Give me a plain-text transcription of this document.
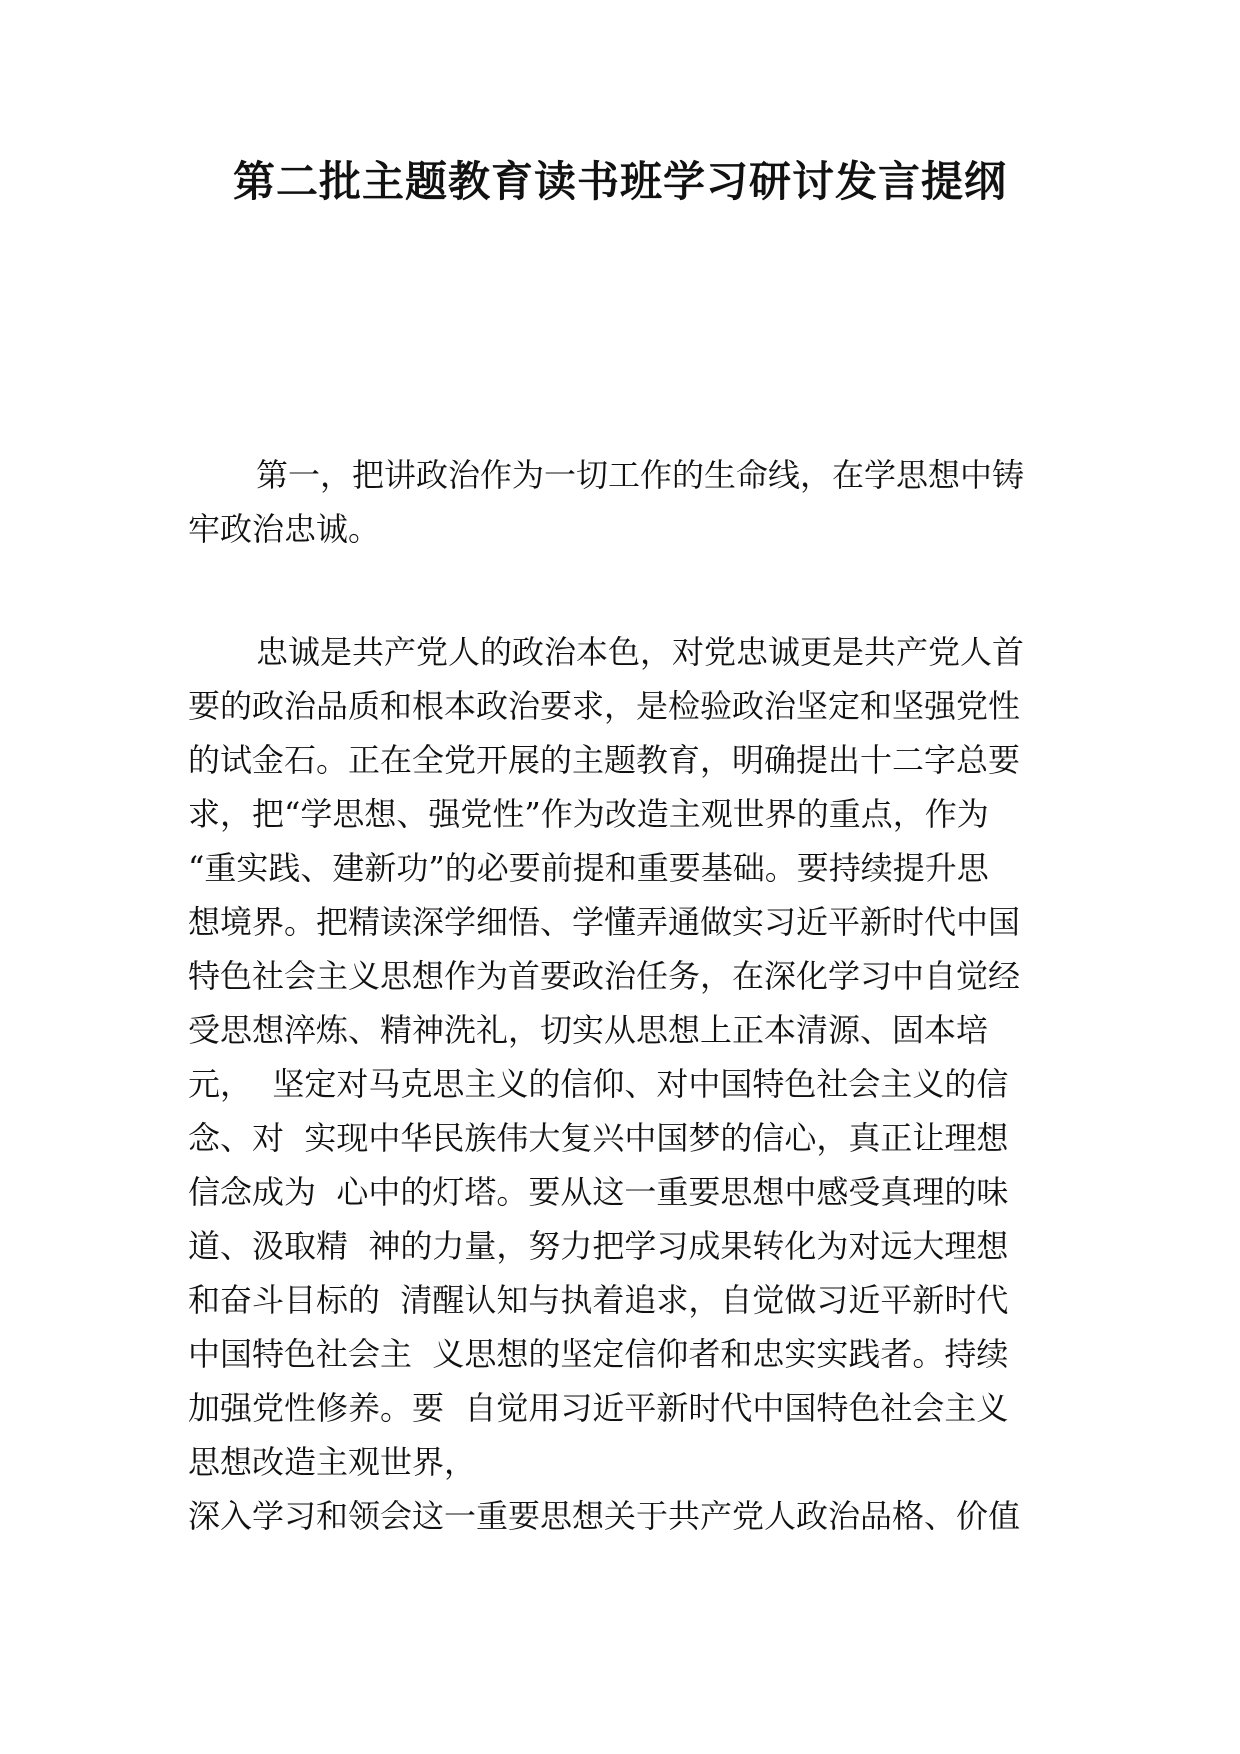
第二批主题教育读书班学习研讨发言提纲
第一，把讲政治作为一切工作的生命线，在学思想中铸
牢政治忠诚。
忠诚是共产党人的政治本色，对党忠诚更是共产党人首
要的政治品质和根本政治要求，是检验政治坚定和坚强党性
的试金石。正在全党开展的主题教育，明确提出十二字总要
求，把“学思想、强党性”作为改造主观世界的重点，作为
“重实践、建新功”的必要前提和重要基础。要持续提升思
想境界。把精读深学细悟、学懂弄通做实习近平新时代中国
特色社会主义思想作为首要政治任务，在深化学习中自觉经
受思想淬炼、精神洗礼，切实从思想上正本清源、固本培
元，  坚定对马克思主义的信仰、对中国特色社会主义的信
念、对  实现中华民族伟大复兴中国梦的信心，真正让理想
信念成为  心中的灯塔。要从这一重要思想中感受真理的味
道、汲取精  神的力量，努力把学习成果转化为对远大理想
和奋斗目标的  清醒认知与执着追求，自觉做习近平新时代
中国特色社会主  义思想的坚定信仰者和忠实实践者。持续
加强党性修养。要  自觉用习近平新时代中国特色社会主义
思想改造主观世界，
深入学习和领会这一重要思想关于共产党人政治品格、价值
